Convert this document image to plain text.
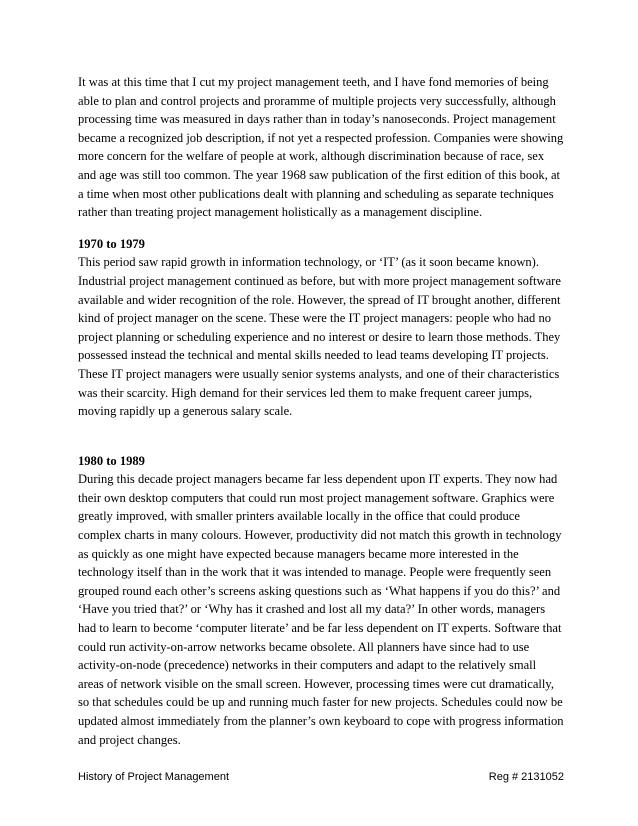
It was at this time that I cut my project management teeth, and I have fond memories of being able to plan and control projects and proramme of multiple projects very successfully, although processing time was measured in days rather than in today’s nanoseconds. Project management became a recognized job description, if not yet a respected profession. Companies were showing more concern for the welfare of people at work, although discrimination because of race, sex and age was still too common. The year 1968 saw publication of the first edition of this book, at a time when most other publications dealt with planning and scheduling as separate techniques rather than treating project management holistically as a management discipline.

1970 to 1979

This period saw rapid growth in information technology, or ‘IT’ (as it soon became known). Industrial project management continued as before, but with more project management software available and wider recognition of the role. However, the spread of IT brought another, different kind of project manager on the scene. These were the IT project managers: people who had no project planning or scheduling experience and no interest or desire to learn those methods. They possessed instead the technical and mental skills needed to lead teams developing IT projects. These IT project managers were usually senior systems analysts, and one of their characteristics was their scarcity. High demand for their services led them to make frequent career jumps, moving rapidly up a generous salary scale.

1980 to 1989

During this decade project managers became far less dependent upon IT experts. They now had their own desktop computers that could run most project management software. Graphics were greatly improved, with smaller printers available locally in the office that could produce complex charts in many colours. However, productivity did not match this growth in technology as quickly as one might have expected because managers became more interested in the technology itself than in the work that it was intended to manage. People were frequently seen grouped round each other’s screens asking questions such as ‘What happens if you do this?’ and ‘Have you tried that?’ or ‘Why has it crashed and lost all my data?’ In other words, managers had to learn to become ‘computer literate’ and be far less dependent on IT experts. Software that could run activity-on-arrow networks became obsolete. All planners have since had to use activity-on-node (precedence) networks in their computers and adapt to the relatively small areas of network visible on the small screen. However, processing times were cut dramatically, so that schedules could be up and running much faster for new projects. Schedules could now be updated almost immediately from the planner’s own keyboard to cope with progress information and project changes.

History of Project Management	Reg # 2131052
